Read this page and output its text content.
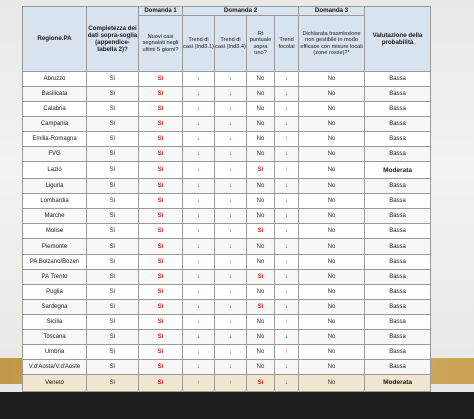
Regione.PA	Completezza dei dati sopra-soglia (appendice-tabella 2)?	Domanda 1	Domanda 2				Domanda 3	Valutazione della probabilità
		Nuovi casi segnalati negli ultimi 5 giorni?	Trend di casi (Ind3.1)	Trend di casi (Ind3.4)	Rt puntuale sopra uno?	Trend focolai	Dichiarata trasmissione non gestibile in modo efficace con misure locali (zone rosse)?*	
Abruzzo	Sì	Sì	↓	↓	No	↓	No	Bassa
Basilicata	Sì	Sì	↓	↓	No	↓	No	Bassa
Calabria	Sì	Sì	↓	↓	No	↓	No	Bassa
Campania	Sì	Sì	↓	↓	No	↓	No	Bassa
Emilia-Romagna	Sì	Sì	↓	↓	No	↑	No	Bassa
FVG	Sì	Sì	↓	↓	No	↓	No	Bassa
Lazio	Sì	Sì	↓	↓	Sì	↑	No	Moderata
Liguria	Sì	Sì	↓	↓	No	↓	No	Bassa
Lombardia	Sì	Sì	↓	↓	No	↓	No	Bassa
Marche	Sì	Sì	↓	↓	No	↓	No	Bassa
Molise	Sì	Sì	↓	↓	Sì	↓	No	Bassa
Piemonte	Sì	Sì	↓	↓	No	↓	No	Bassa
PA Bolzano/Bozen	Sì	Sì	↓	↓	No	↓	No	Bassa
PA Trento	Sì	Sì	↓	↓	Sì	↓	No	Bassa
Puglia	Sì	Sì	↓	↓	No	↓	No	Bassa
Sardegna	Sì	Sì	↓	↓	Sì	↓	No	Bassa
Sicilia	Sì	Sì	↓	↓	No	↑	No	Bassa
Toscana	Sì	Sì	↓	↓	No	↓	No	Bassa
Umbria	Sì	Sì	↓	↓	No	↑	No	Bassa
V.d'Aosta/V.d'Aoste	Sì	Sì	↓	↓	No	↓	No	Bassa
Veneto	Sì	Sì	↑	↑	Sì	↓	No	Moderata
